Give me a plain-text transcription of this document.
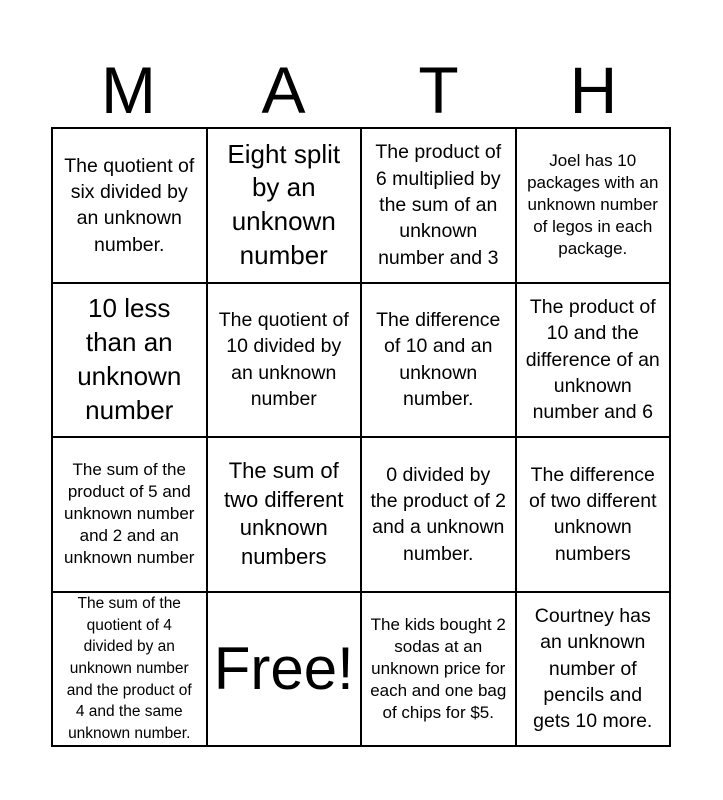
M	A	T	H
The quotient of six divided by an unknown number.
Eight split by an unknown number
The product of 6 multiplied by the sum of an unknown number and 3
Joel has 10 packages with an unknown number of legos in each package.
10 less than an unknown number
The quotient of 10 divided by an unknown number
The difference of 10 and an unknown number.
The product of 10 and the difference of an unknown number and 6
The sum of the product of 5 and unknown number and 2 and an unknown number
The sum of two different unknown numbers
0 divided by the product of 2 and a unknown number.
The difference of two different unknown numbers
The sum of the quotient of 4 divided by an unknown number and the product of 4 and the same unknown number.
Free!
The kids bought 2 sodas at an unknown price for each and one bag of chips for $5.
Courtney has an unknown number of pencils and gets 10 more.
